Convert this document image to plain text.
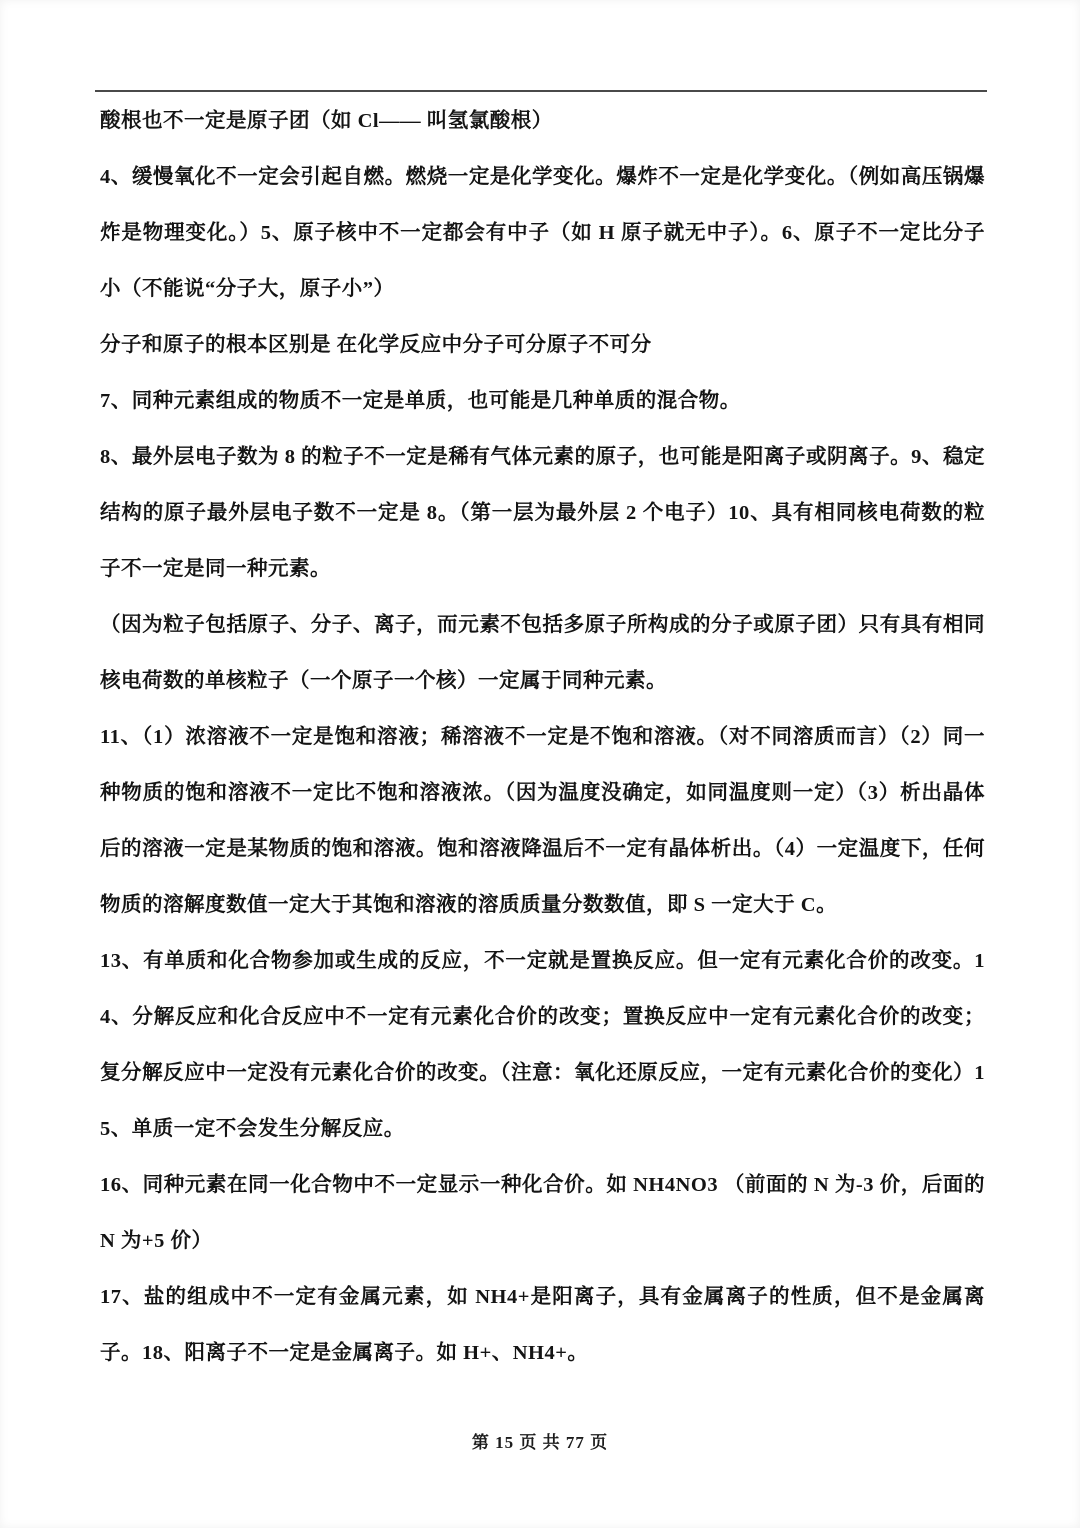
酸根也不一定是原子团（如 Cl—— 叫氢氯酸根）

4、缓慢氧化不一定会引起自燃。燃烧一定是化学变化。爆炸不一定是化学变化。（例如高压锅爆炸是物理变化。）5、原子核中不一定都会有中子（如 H 原子就无中子）。6、原子不一定比分子小（不能说“分子大，原子小”）

分子和原子的根本区别是 在化学反应中分子可分原子不可分

7、同种元素组成的物质不一定是单质，也可能是几种单质的混合物。

8、最外层电子数为 8 的粒子不一定是稀有气体元素的原子，也可能是阳离子或阴离子。9、稳定结构的原子最外层电子数不一定是 8。（第一层为最外层 2 个电子）10、具有相同核电荷数的粒子不一定是同一种元素。

（因为粒子包括原子、分子、离子，而元素不包括多原子所构成的分子或原子团）只有具有相同核电荷数的单核粒子（一个原子一个核）一定属于同种元素。

11、（1）浓溶液不一定是饱和溶液；稀溶液不一定是不饱和溶液。（对不同溶质而言）（2）同一种物质的饱和溶液不一定比不饱和溶液浓。（因为温度没确定，如同温度则一定）（3）析出晶体后的溶液一定是某物质的饱和溶液。饱和溶液降温后不一定有晶体析出。（4）一定温度下，任何物质的溶解度数值一定大于其饱和溶液的溶质质量分数数值，即 S 一定大于 C。

13、有单质和化合物参加或生成的反应，不一定就是置换反应。但一定有元素化合价的改变。14、分解反应和化合反应中不一定有元素化合价的改变；置换反应中一定有元素化合价的改变；复分解反应中一定没有元素化合价的改变。（注意：氧化还原反应，一定有元素化合价的变化）15、单质一定不会发生分解反应。

16、同种元素在同一化合物中不一定显示一种化合价。如 NH4NO3 （前面的 N 为-3 价，后面的 N 为+5 价）

17、盐的组成中不一定有金属元素，如 NH4+是阳离子，具有金属离子的性质，但不是金属离子。18、阳离子不一定是金属离子。如 H+、NH4+。

第 15 页 共 77 页
